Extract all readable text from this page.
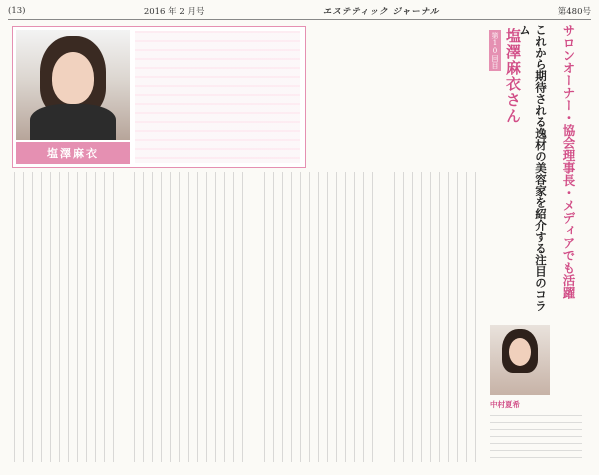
(13)	2016 年 2 月号	エステティック ジャーナル	第480号
塩澤麻衣
第10回目 塩澤麻衣さん	これから期待される逸材の美容家を紹介する注目のコラム	サロンオーナー・協会理事長・メディアでも活躍
中村夏希
